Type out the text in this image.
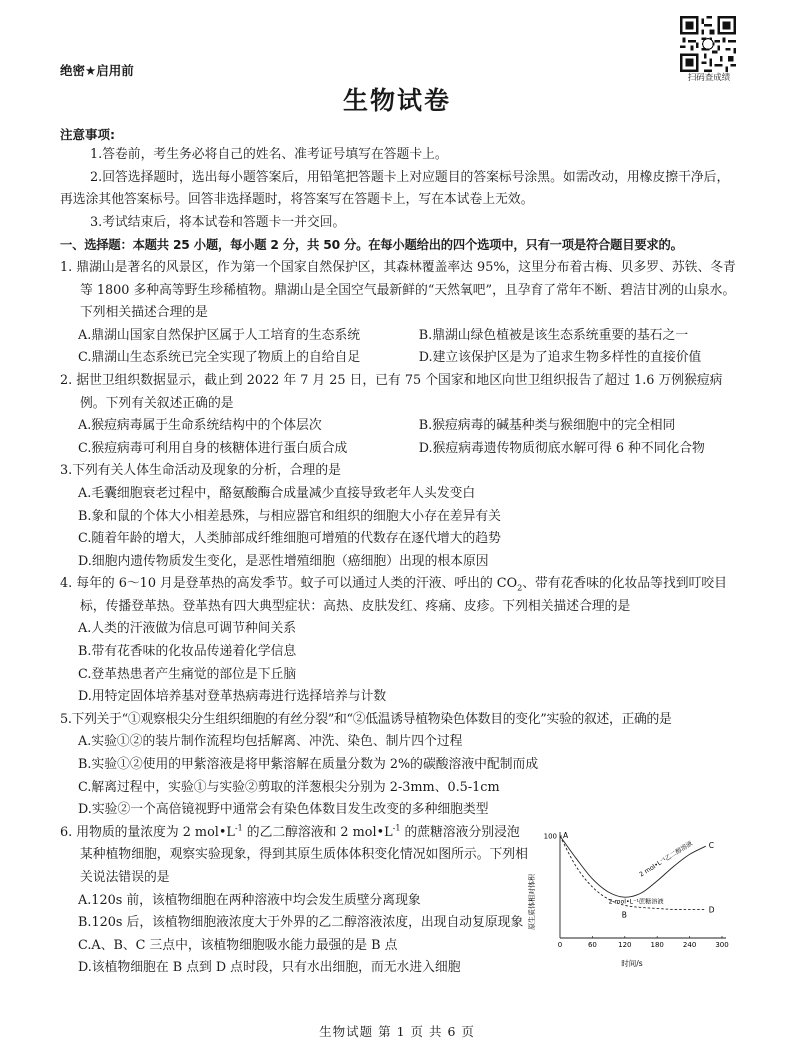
扫码查成绩
绝密★启用前
生物试卷
注意事项:
1.答卷前，考生务必将自己的姓名、准考证号填写在答题卡上。
2.回答选择题时，选出每小题答案后，用铅笔把答题卡上对应题目的答案标号涂黑。如需改动，用橡皮擦干净后，再选涂其他答案标号。回答非选择题时，将答案写在答题卡上，写在本试卷上无效。
3.考试结束后，将本试卷和答题卡一并交回。
一、选择题：本题共 25 小题，每小题 2 分，共 50 分。在每小题给出的四个选项中，只有一项是符合题目要求的。
1. 鼎湖山是著名的风景区，作为第一个国家自然保护区，其森林覆盖率达 95%，这里分布着古梅、贝多罗、苏铁、冬青等 1800 多种高等野生珍稀植物。鼎湖山是全国空气最新鲜的“天然氧吧”，且孕育了常年不断、碧洁甘冽的山泉水。下列相关描述合理的是
A.鼎湖山国家自然保护区属于人工培育的生态系统	B.鼎湖山绿色植被是该生态系统重要的基石之一
C.鼎湖山生态系统已完全实现了物质上的自给自足	D.建立该保护区是为了追求生物多样性的直接价值
2. 据世卫组织数据显示，截止到 2022 年 7 月 25 日，已有 75 个国家和地区向世卫组织报告了超过 1.6 万例猴痘病例。下列有关叙述正确的是
A.猴痘病毒属于生命系统结构中的个体层次	B.猴痘病毒的碱基种类与猴细胞中的完全相同
C.猴痘病毒可利用自身的核糖体进行蛋白质合成	D.猴痘病毒遗传物质彻底水解可得 6 种不同化合物
3.下列有关人体生命活动及现象的分析，合理的是
A.毛囊细胞衰老过程中，酪氨酸酶合成量减少直接导致老年人头发变白
B.象和鼠的个体大小相差悬殊，与相应器官和组织的细胞大小存在差异有关
C.随着年龄的增大，人类肺部成纤维细胞可增殖的代数存在逐代增大的趋势
D.细胞内遗传物质发生变化，是恶性增殖细胞（癌细胞）出现的根本原因
4. 每年的 6～10 月是登革热的高发季节。蚊子可以通过人类的汗液、呼出的 $CO_2$、带有花香味的化妆品等找到叮咬目标，传播登革热。登革热有四大典型症状：高热、皮肤发红、疼痛、皮疹。下列相关描述合理的是
A.人类的汗液做为信息可调节种间关系
B.带有花香味的化妆品传递着化学信息
C.登革热患者产生痛觉的部位是下丘脑
D.用特定固体培养基对登革热病毒进行选择培养与计数
5.下列关于“①观察根尖分生组织细胞的有丝分裂”和“②低温诱导植物染色体数目的变化”实验的叙述，正确的是
A.实验①②的装片制作流程均包括解离、冲洗、染色、制片四个过程
B.实验①②使用的甲紫溶液是将甲紫溶解在质量分数为 2%的碳酸溶液中配制而成
C.解离过程中，实验①与实验②剪取的洋葱根尖分别为 2-3mm、0.5-1cm
D.实验②一个高倍镜视野中通常会有染色体数目发生改变的多种细胞类型
6. 用物质的量浓度为 2 $mol•L^{-1}$ 的乙二醇溶液和 2 $mol•L^{-1}$ 的蔗糖溶液分别浸泡某种植物细胞，观察实验现象，得到其原生质体体积变化情况如图所示。下列相关说法错误的是
A.120s 前，该植物细胞在两种溶液中均会发生质壁分离现象
B.120s 后，该植物细胞液浓度大于外界的乙二醇溶液浓度，出现自动复原现象
C.A、B、C 三点中，该植物细胞吸水能力最强的是 B 点
D.该植物细胞在 B 点到 D 点时段，只有水出细胞，而无水进入细胞
原生质体相对体积
时间/s
0	60	120	180	240	300
100
2 mol•L⁻¹乙二醇溶液
2 mol•L⁻¹蔗糖溶液
A
B
C
D
生物试题 第 1 页 共 6 页
